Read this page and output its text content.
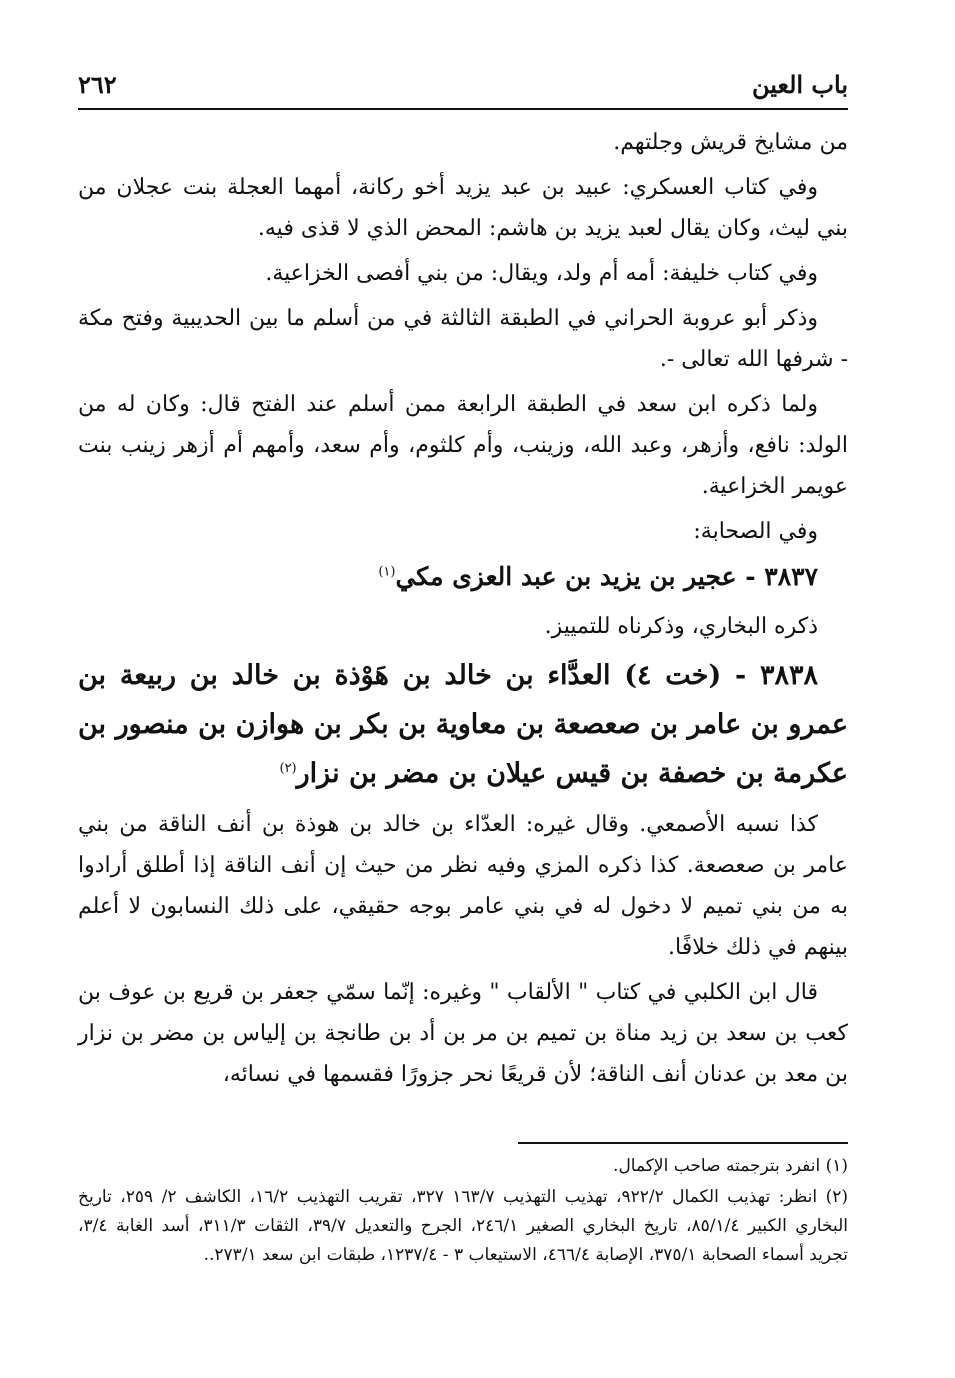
باب العين
٢٦٢

من مشايخ قريش وجلتهم.

وفي كتاب العسكري: عبيد بن عبد يزيد أخو ركانة، أمهما العجلة بنت عجلان من بني ليث، وكان يقال لعبد يزيد بن هاشم: المحض الذي لا قذى فيه.

وفي كتاب خليفة: أمه أم ولد، ويقال: من بني أفصى الخزاعية.

وذكر أبو عروبة الحراني في الطبقة الثالثة في من أسلم ما بين الحديبية وفتح مكة - شرفها الله تعالى -.

ولما ذكره ابن سعد في الطبقة الرابعة ممن أسلم عند الفتح قال: وكان له من الولد: نافع، وأزهر، وعبد الله، وزينب، وأم كلثوم، وأم سعد، وأمهم أم أزهر زينب بنت عويمر الخزاعية.

وفي الصحابة:

٣٨٣٧ - عجير بن يزيد بن عبد العزى مكي$^{(١)}$

ذكره البخاري، وذكرناه للتمييز.

٣٨٣٨ - (خت ٤) العدَّاء بن خالد بن هَوْذة بن خالد بن ربيعة بن عمرو بن عامر بن صعصعة بن معاوية بن بكر بن هوازن بن منصور بن عكرمة بن خصفة بن قيس عيلان بن مضر بن نزار$^{(٢)}$

كذا نسبه الأصمعي. وقال غيره: العدّاء بن خالد بن هوذة بن أنف الناقة من بني عامر بن صعصعة. كذا ذكره المزي وفيه نظر من حيث إن أنف الناقة إذا أطلق أرادوا به من بني تميم لا دخول له في بني عامر بوجه حقيقي، على ذلك النسابون لا أعلم بينهم في ذلك خلافًا.

قال ابن الكلبي في كتاب " الألقاب " وغيره: إنّما سمّي جعفر بن قريع بن عوف بن كعب بن سعد بن زيد مناة بن تميم بن مر بن أد بن طانجة بن إلياس بن مضر بن نزار بن معد بن عدنان أنف الناقة؛ لأن قريعًا نحر جزورًا فقسمها في نسائه،

(١) انفرد بترجمته صاحب الإكمال.

(٢) انظر: تهذيب الكمال ٩٢٢/٢، تهذيب التهذيب ١٦٣/٧ ٣٢٧، تقريب التهذيب ١٦/٢، الكاشف ٢/ ٢٥٩، تاريخ البخاري الكبير ٨٥/١/٤، تاريخ البخاري الصغير ٢٤٦/١، الجرح والتعديل ٣٩/٧، الثقات ٣١١/٣، أسد الغابة ٣/٤، تجريد أسماء الصحابة ٣٧٥/١، الإصابة ٤٦٦/٤، الاستيعاب ٣ - ١٢٣٧/٤، طبقات ابن سعد ٢٧٣/١..
